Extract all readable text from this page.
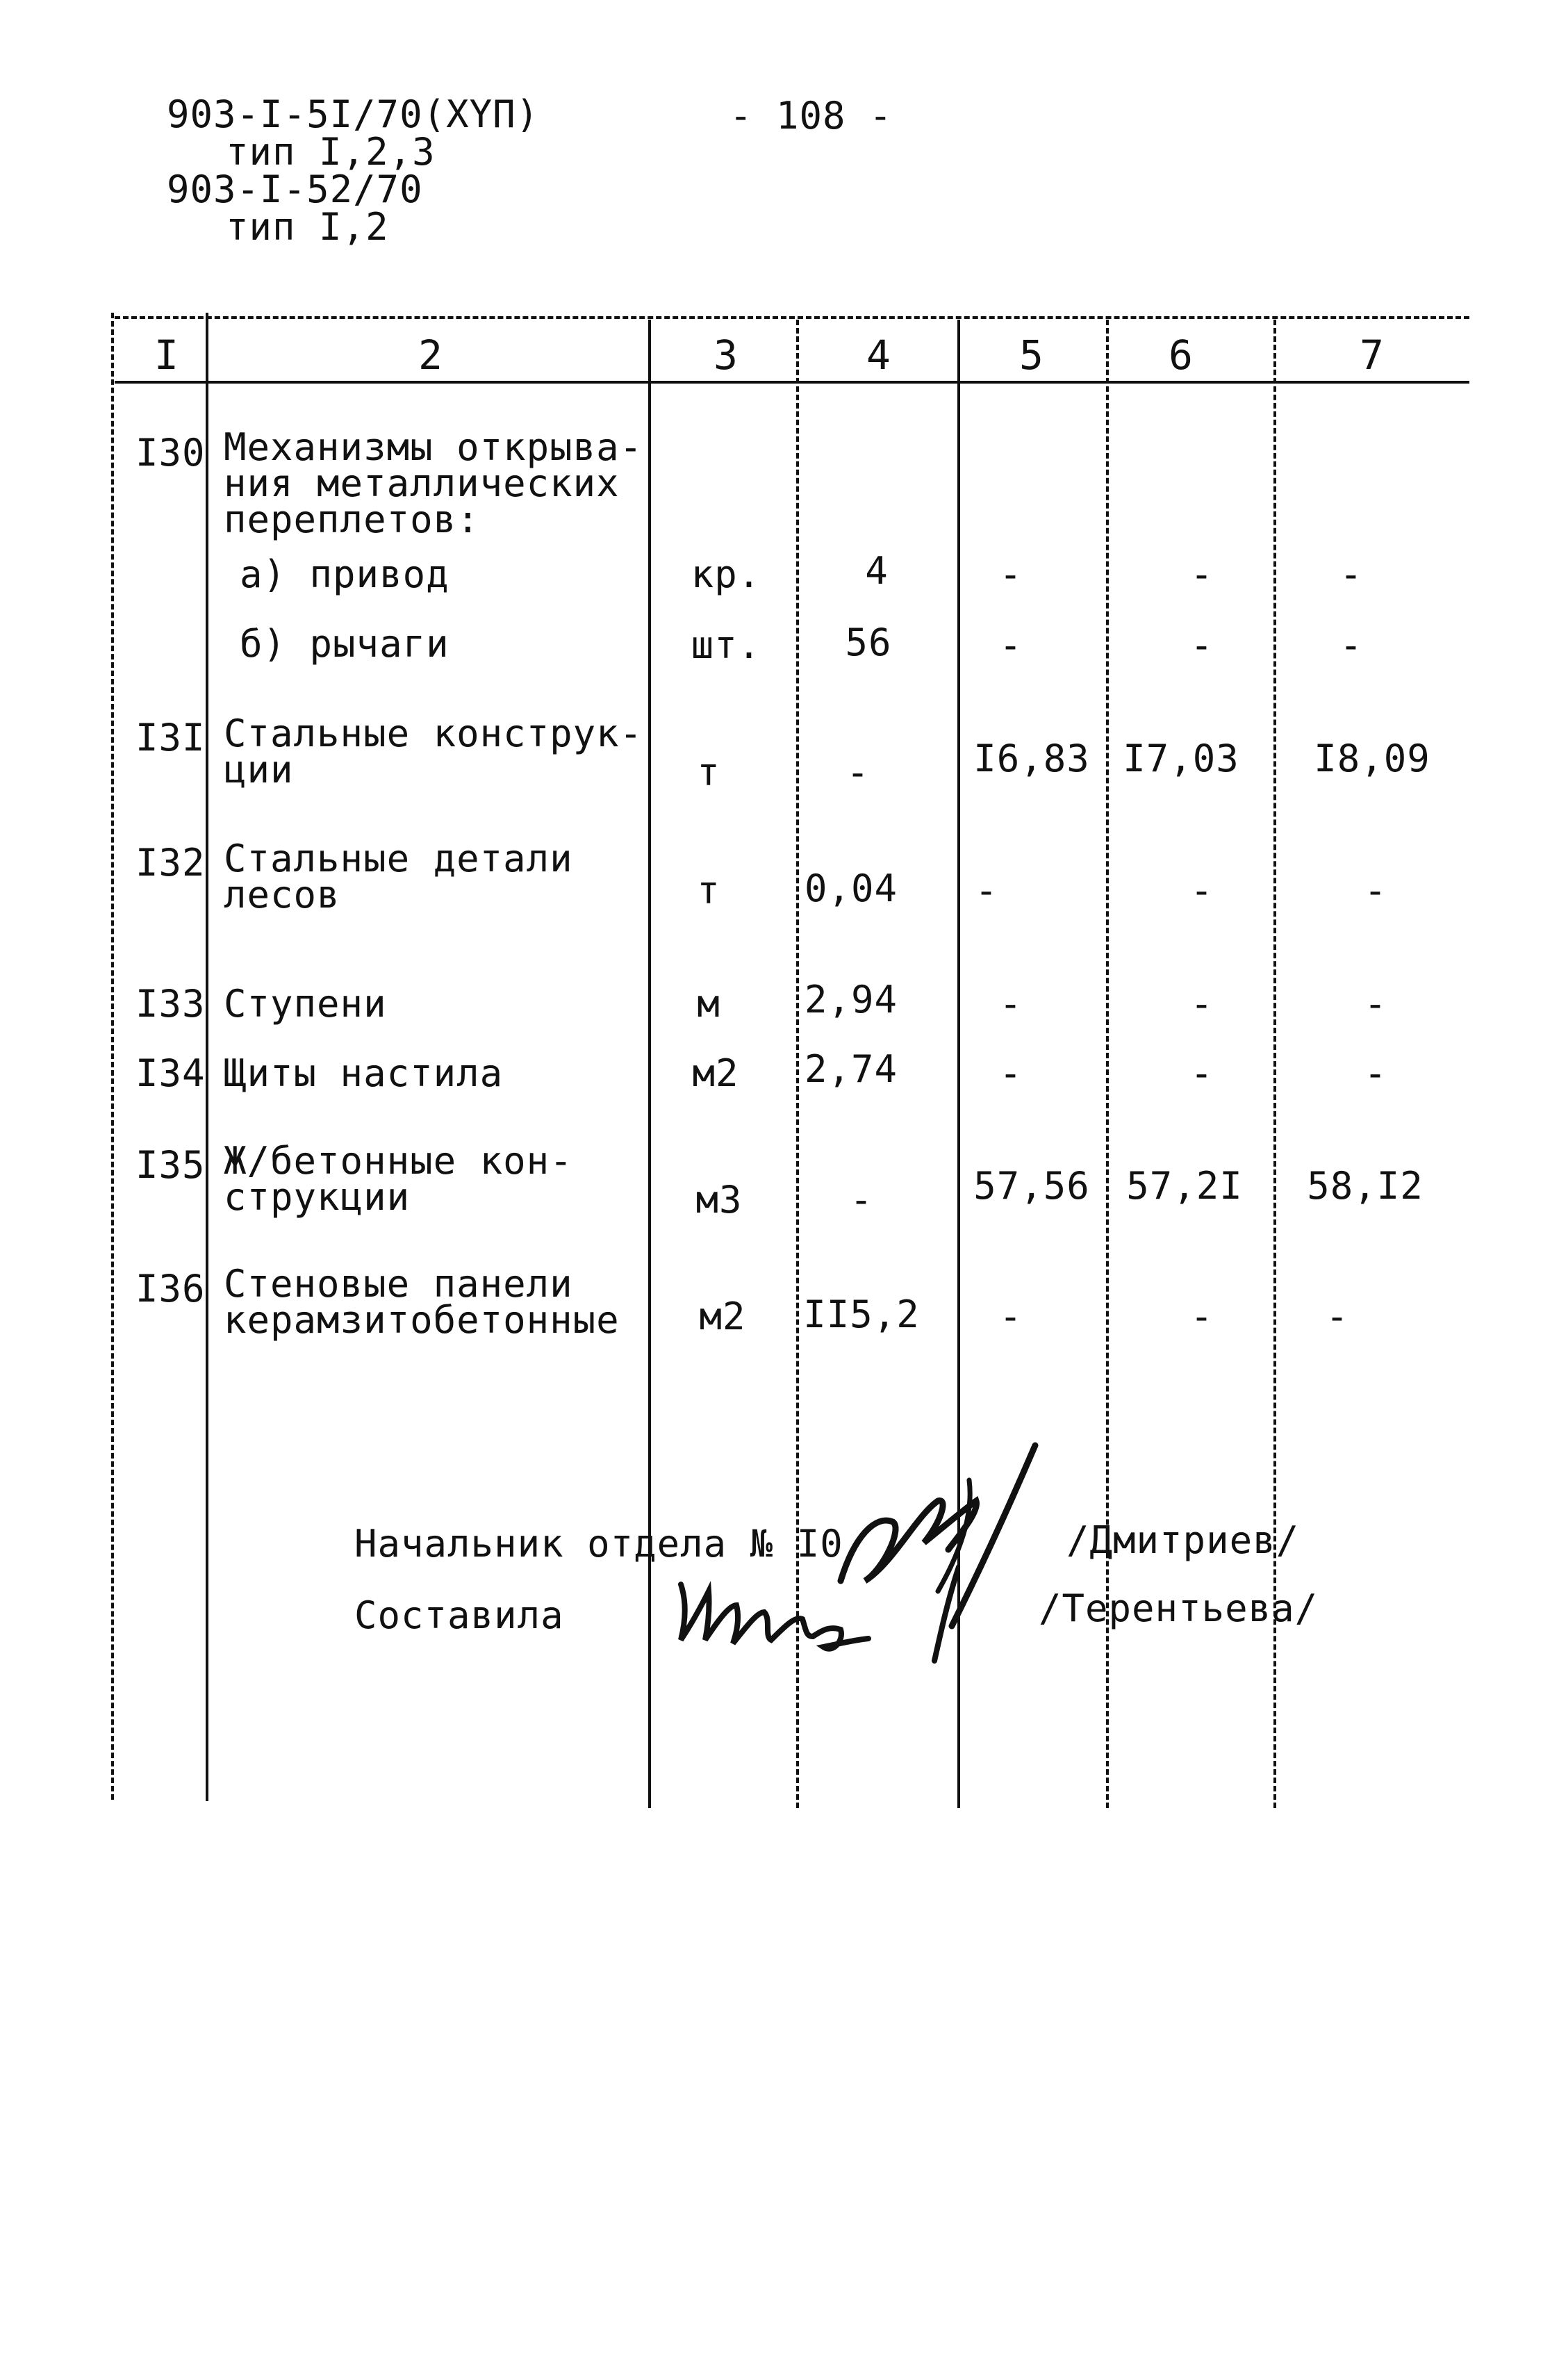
903-I-5I/70(XYП)
тип I,2,3
903-I-52/70
тип I,2
- 108 -
I	2	3	4	5	6	7
I30 Механизмы открыва-
ния металлических
переплетов:
а) привод	кр.	4	-	-	-
б) рычаги	шт. 56	-	-	-
I3I Стальные конструк-
ции	т	-	I6,83 I7,03 I8,09
I32 Стальные детали
лесов	т 0,04 -	-	-
I33 Ступени	м 2,94	-	-	-
I34 Щиты настила	м2 2,74	-	-	-
I35 Ж/бетонные кон-
струкции	м3	-	57,56 57,2I 58,I2
I36 Стеновые панели
керамзитобетонные м2 II5,2 -	-	-
Начальник отдела № I0	/Дмитриев/
Составила	/Терентьева/
